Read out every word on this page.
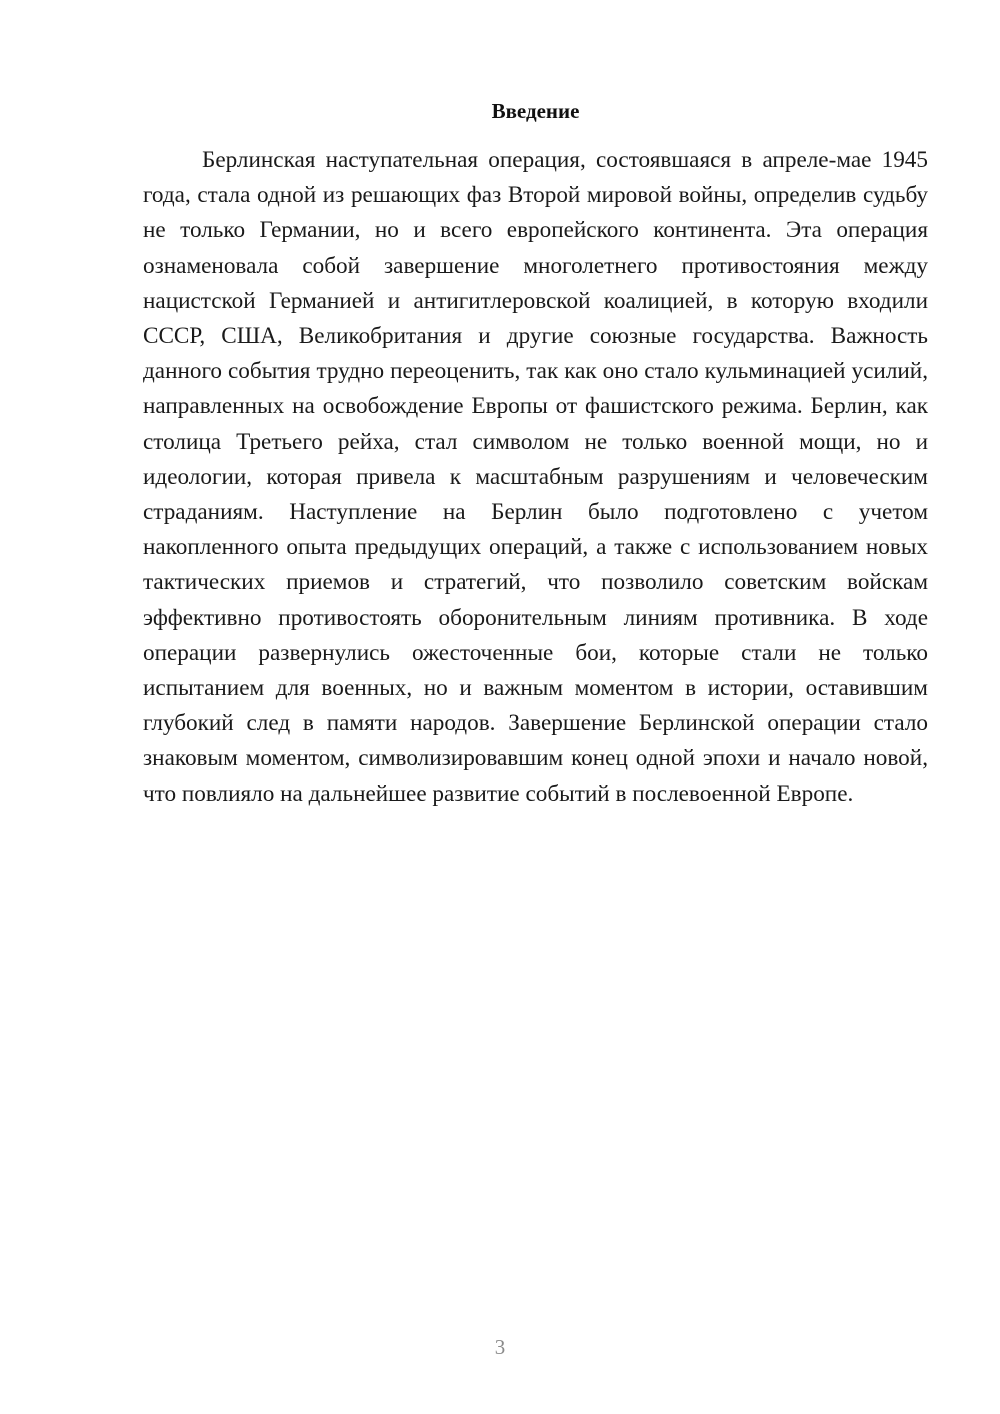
Введение

Берлинская наступательная операция, состоявшаяся в апреле-мае 1945 года, стала одной из решающих фаз Второй мировой войны, определив судьбу не только Германии, но и всего европейского континента. Эта операция ознаменовала собой завершение многолетнего противостояния между нацистской Германией и антигитлеровской коалицией, в которую входили СССР, США, Великобритания и другие союзные государства. Важность данного события трудно переоценить, так как оно стало кульминацией усилий, направленных на освобождение Европы от фашистского режима. Берлин, как столица Третьего рейха, стал символом не только военной мощи, но и идеологии, которая привела к масштабным разрушениям и человеческим страданиям. Наступление на Берлин было подготовлено с учетом накопленного опыта предыдущих операций, а также с использованием новых тактических приемов и стратегий, что позволило советским войскам эффективно противостоять оборонительным линиям противника. В ходе операции развернулись ожесточенные бои, которые стали не только испытанием для военных, но и важным моментом в истории, оставившим глубокий след в памяти народов. Завершение Берлинской операции стало знаковым моментом, символизировавшим конец одной эпохи и начало новой, что повлияло на дальнейшее развитие событий в послевоенной Европе.

3
